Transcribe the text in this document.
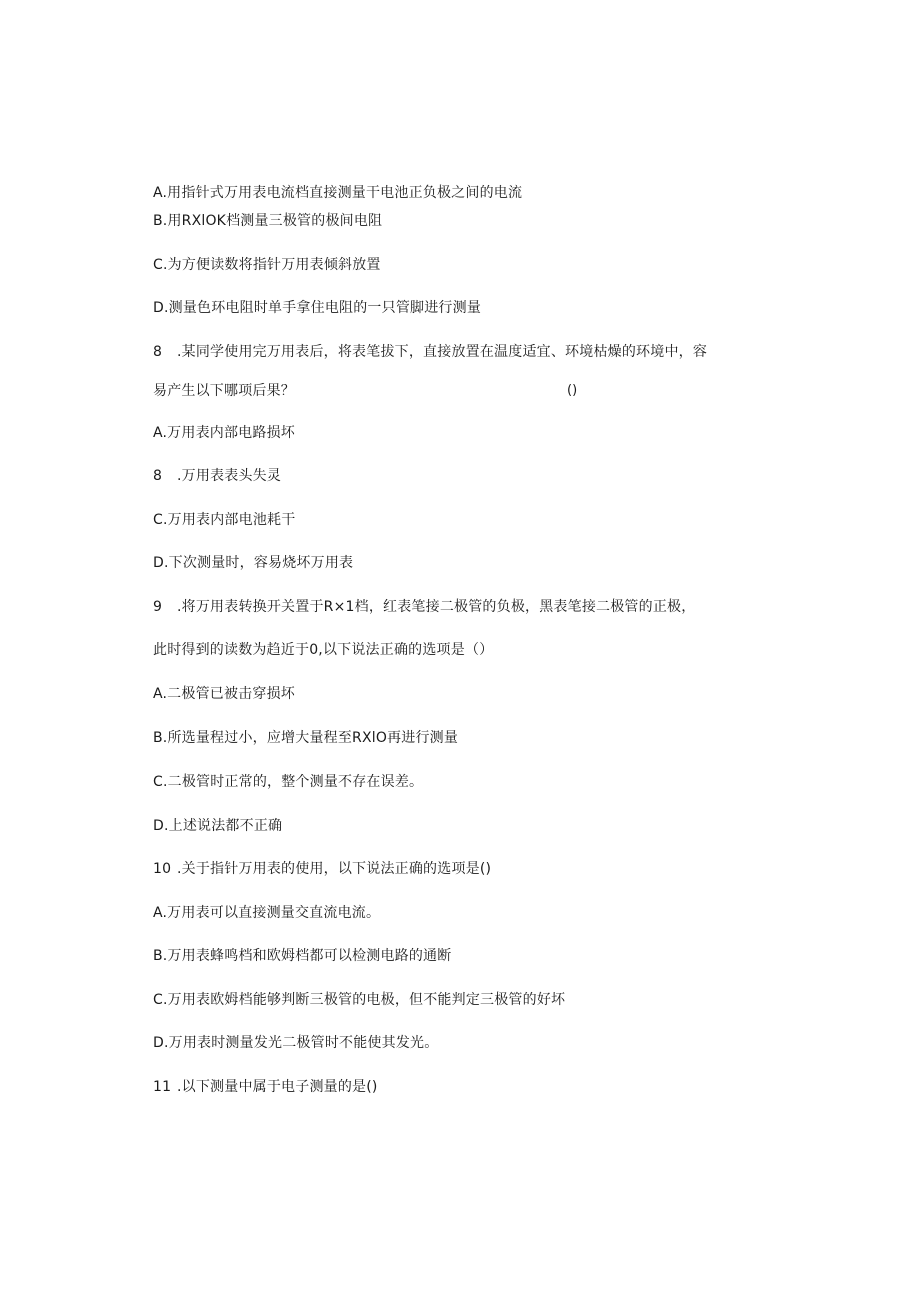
A.用指针式万用表电流档直接测量干电池正负极之间的电流
B.用RXlOK档测量三极管的极间电阻
C.为方便读数将指针万用表倾斜放置
D.测量色环电阻时单手拿住电阻的一只管脚进行测量
8 .某同学使用完万用表后，将表笔拔下，直接放置在温度适宜、环境枯燥的环境中，容
易产生以下哪项后果？	()
A.万用表内部电路损坏
8 .万用表表头失灵
C.万用表内部电池耗干
D.下次测量时，容易烧坏万用表
9 .将万用表转换开关置于R×1档，红表笔接二极管的负极，黑表笔接二极管的正极，
此时得到的读数为趋近于0,以下说法正确的选项是（）
A.二极管已被击穿损坏
B.所选量程过小，应增大量程至RXlO再进行测量
C.二极管时正常的，整个测量不存在误差。
D.上述说法都不正确
10 .关于指针万用表的使用，以下说法正确的选项是()
A.万用表可以直接测量交直流电流。
B.万用表蜂鸣档和欧姆档都可以检测电路的通断
C.万用表欧姆档能够判断三极管的电极，但不能判定三极管的好坏
D.万用表时测量发光二极管时不能使其发光。
11 .以下测量中属于电子测量的是()
